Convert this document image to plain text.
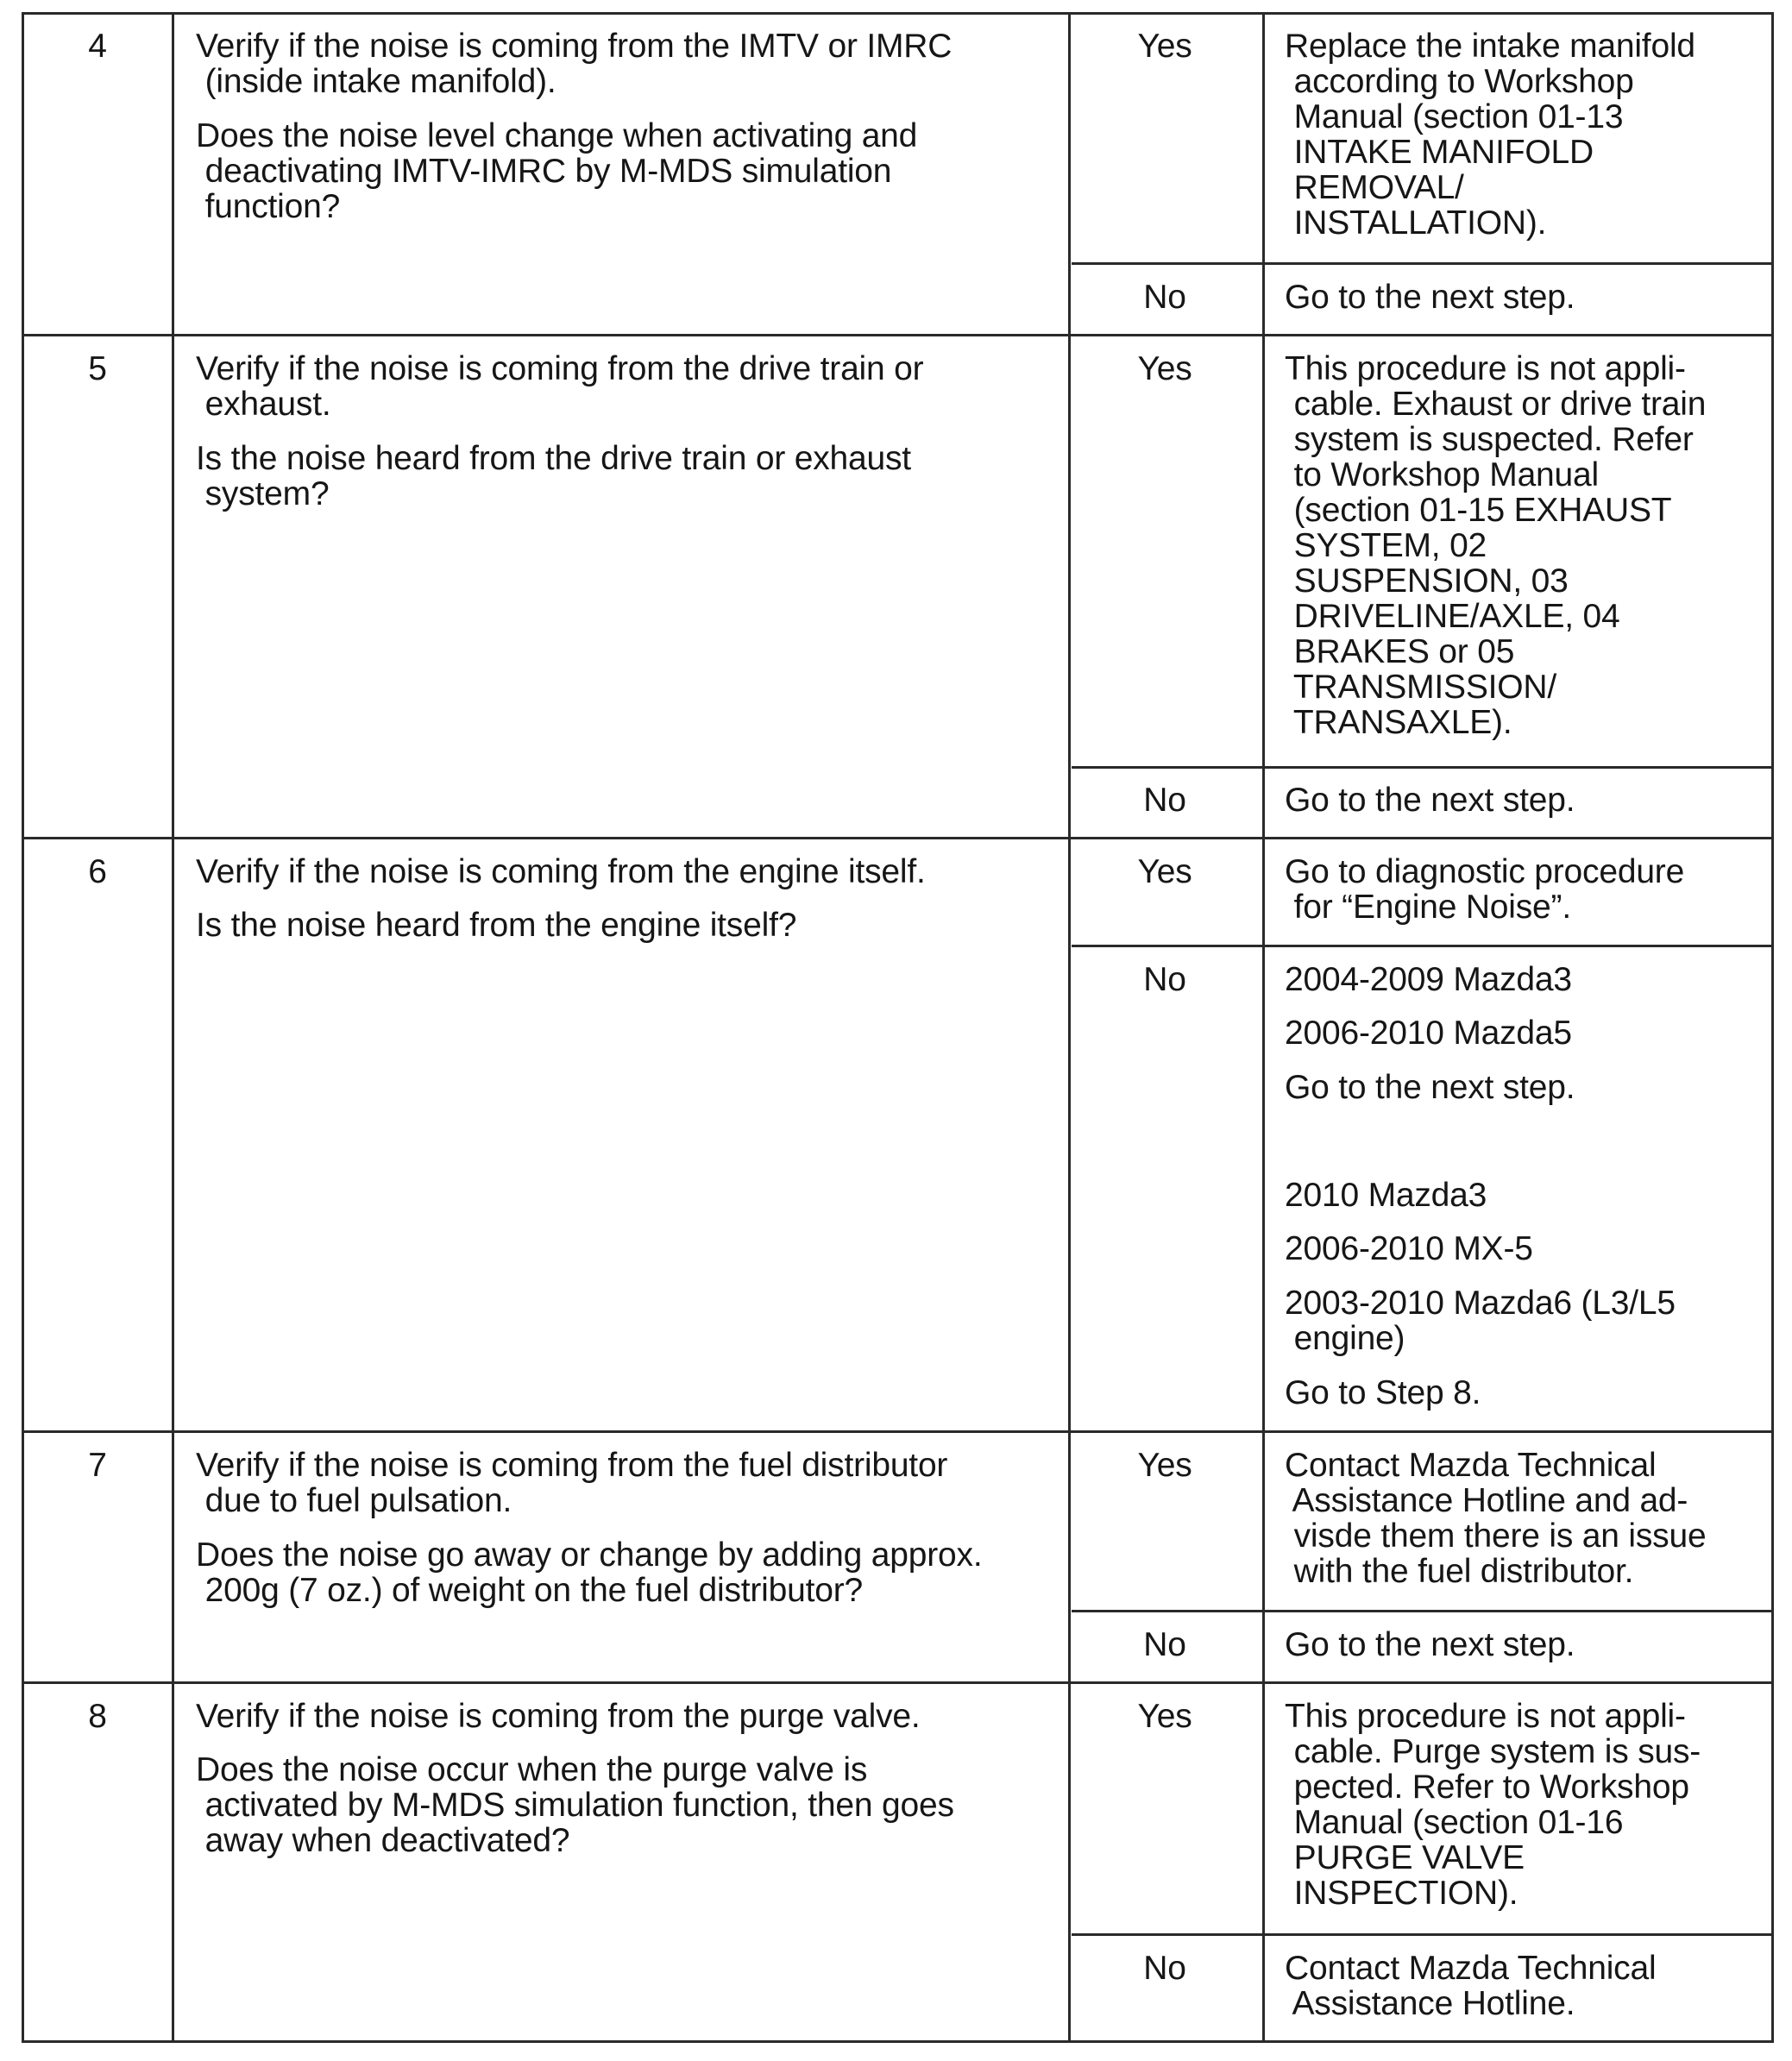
4	Verify if the noise is coming from the IMTV or IMRC
(inside intake manifold).
Does the noise level change when activating and
deactivating IMTV-IMRC by M-MDS simulation
function?
Yes	Replace the intake manifold
according to Workshop
Manual (section 01-13
INTAKE MANIFOLD
REMOVAL/
INSTALLATION).
No	Go to the next step.
5	Verify if the noise is coming from the drive train or
exhaust.
Is the noise heard from the drive train or exhaust
system?
Yes	This procedure is not appli-
cable. Exhaust or drive train
system is suspected. Refer
to Workshop Manual
(section 01-15 EXHAUST
SYSTEM, 02
SUSPENSION, 03
DRIVELINE/AXLE, 04
BRAKES or 05
TRANSMISSION/
TRANSAXLE).
No	Go to the next step.
6	Verify if the noise is coming from the engine itself.
Is the noise heard from the engine itself?
Yes	Go to diagnostic procedure
for “Engine Noise”.
No	2004-2009 Mazda3
2006-2010 Mazda5
Go to the next step.
2010 Mazda3
2006-2010 MX-5
2003-2010 Mazda6 (L3/L5
engine)
Go to Step 8.
7	Verify if the noise is coming from the fuel distributor
due to fuel pulsation.
Does the noise go away or change by adding approx.
200g (7 oz.) of weight on the fuel distributor?
Yes	Contact Mazda Technical
Assistance Hotline and ad-
visde them there is an issue
with the fuel distributor.
No	Go to the next step.
8	Verify if the noise is coming from the purge valve.
Does the noise occur when the purge valve is
activated by M-MDS simulation function, then goes
away when deactivated?
Yes	This procedure is not appli-
cable. Purge system is sus-
pected. Refer to Workshop
Manual (section 01-16
PURGE VALVE
INSPECTION).
No	Contact Mazda Technical
Assistance Hotline.
